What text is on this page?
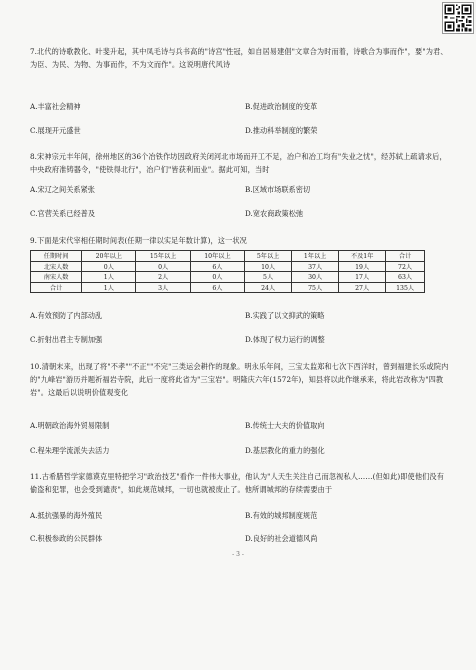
7.北代的诗歌教化、叶斐升起，其中凤毛诗与兵书高的"诗宫"性冠，如自居易建倡"文章合为时而着，诗歌合为事而作"，要"为君、为臣、为民、为物、为事而作，不为文而作"。这说明唐代风诗
A.丰富社会精神	B.促进政治制度的变革
C.展现开元盛世	D.推动科举制度的繁荣
8.宋神宗元丰年间，徐州地区的36个冶铁作坊因政府关闭河北市场而开工不足，冶户和冶工均有"失业之忧"，经苏轼上疏请求后，中央政府准铸器令，"使铁得北行"，冶户们"皆获利而业"。据此可知，当时
A.宋辽之间关系紧张	B.区域市场联系密切
C.官营关系已经普及	D.宽农商政策松弛
9.下面是宋代宰相任期时间表(任期一律以实足年数计算)，这一状况
任期时间	20年以上	15年以上	10年以上	5年以上	1年以上	不及1年	合计
北宋人数	0人	0人	6人	10人	37人	19人	72人
南宋人数	1人	2人	0人	5人	30人	17人	63人
合计	1人	3人	6人	24人	75人	27人	135人
A.有效预防了内部动乱	B.实践了以文抑武的策略
C.折射出君主专制加强	D.体现了权力运行的调整
10.清朝末来，出现了将"不孝""不正""不完"三类运会耕作的现象。明永乐年间，三宝太监郑和七次下西洋时，曾到福建长乐或院内的"九峰岩"游历并题祈福岩寺院，此后一度将此省为"三宝岩"。明隆庆六年(1572年)，知县将以此作继承来，将此岩改称为"四教岩"。这最后以说明价值观变化
A.明朝政治海外贸易限制	B.传统士大夫的价值取向
C.程朱理学流派失去活力	D.基层教化的重力的强化
11.古希腊哲学家德谟克里特把学习"政治技艺"看作一件伟大事业，他认为"人天生关注自己而忽视私人……(但如此)即使他们没有偷盗和犯罪，也会受到谴责"，如此规范城邦，一切也就被废止了。他所谓城邦的存续需要由于
A.抵抗强暴的海外殖民	B.有效的城邦制度规范
C.积极参政的公民群体	D.良好的社会道德风尚
- 3 -
